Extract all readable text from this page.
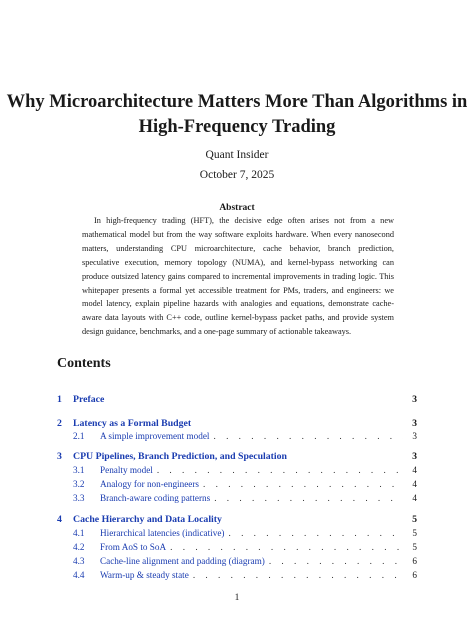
Why Microarchitecture Matters More Than Algorithms in High-Frequency Trading
Quant Insider
October 7, 2025
Abstract
In high-frequency trading (HFT), the decisive edge often arises not from a new mathematical model but from the way software exploits hardware. When every nanosecond matters, understanding CPU microarchitecture, cache behavior, branch prediction, speculative execution, memory topology (NUMA), and kernel-bypass networking can produce outsized latency gains compared to incremental improvements in trading logic. This whitepaper presents a formal yet accessible treatment for PMs, traders, and engineers: we model latency, explain pipeline hazards with analogies and equations, demonstrate cache-aware data layouts with C++ code, outline kernel-bypass packet paths, and provide system design guidance, benchmarks, and a one-page summary of actionable takeaways.
Contents
1	Preface	3
2	Latency as a Formal Budget	3
2.1	A simple improvement model . . .	3
3	CPU Pipelines, Branch Prediction, and Speculation	3
3.1	Penalty model . . .	4
3.2	Analogy for non-engineers . . .	4
3.3	Branch-aware coding patterns . . .	4
4	Cache Hierarchy and Data Locality	5
4.1	Hierarchical latencies (indicative) . . .	5
4.2	From AoS to SoA . . .	5
4.3	Cache-line alignment and padding (diagram) . . .	6
4.4	Warm-up & steady state . . .	6
1
